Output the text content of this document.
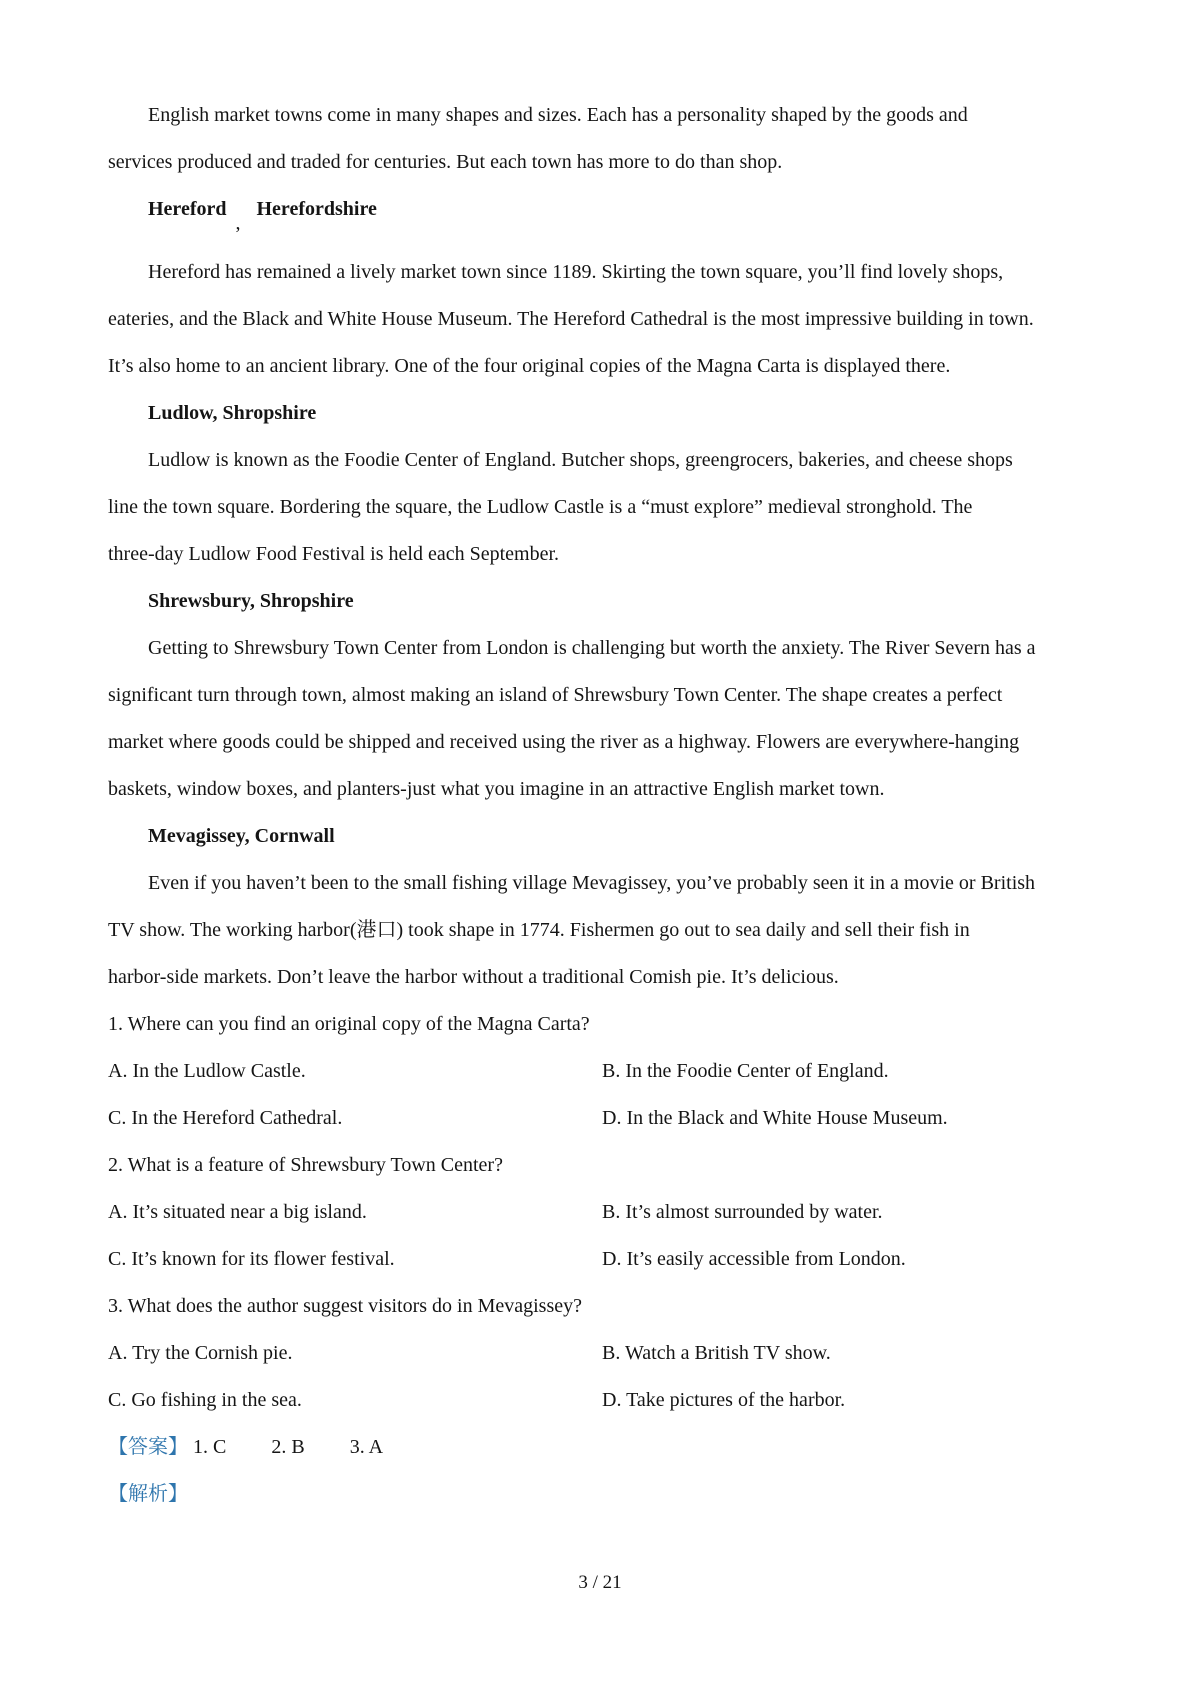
English market towns come in many shapes and sizes. Each has a personality shaped by the goods and
services produced and traded for centuries. But each town has more to do than shop.
Hereford,Herefordshire
Hereford has remained a lively market town since 1189. Skirting the town square, you’ll find lovely shops,
eateries, and the Black and White House Museum. The Hereford Cathedral is the most impressive building in town.
It’s also home to an ancient library. One of the four original copies of the Magna Carta is displayed there.
Ludlow, Shropshire
Ludlow is known as the Foodie Center of England. Butcher shops, greengrocers, bakeries, and cheese shops
line the town square. Bordering the square, the Ludlow Castle is a “must explore” medieval stronghold. The
three-day Ludlow Food Festival is held each September.
Shrewsbury, Shropshire
Getting to Shrewsbury Town Center from London is challenging but worth the anxiety. The River Severn has a
significant turn through town, almost making an island of Shrewsbury Town Center. The shape creates a perfect
market where goods could be shipped and received using the river as a highway. Flowers are everywhere-hanging
baskets, window boxes, and planters-just what you imagine in an attractive English market town.
Mevagissey, Cornwall
Even if you haven’t been to the small fishing village Mevagissey, you’ve probably seen it in a movie or British
TV show. The working harbor(港口) took shape in 1774. Fishermen go out to sea daily and sell their fish in
harbor-side markets. Don’t leave the harbor without a traditional Comish pie. It’s delicious.
1. Where can you find an original copy of the Magna Carta?
A. In the Ludlow Castle.	B. In the Foodie Center of England.
C. In the Hereford Cathedral.	D. In the Black and White House Museum.
2. What is a feature of Shrewsbury Town Center?
A. It’s situated near a big island.	B. It’s almost surrounded by water.
C. It’s known for its flower festival.	D. It’s easily accessible from London.
3. What does the author suggest visitors do in Mevagissey?
A. Try the Cornish pie.	B. Watch a British TV show.
C. Go fishing in the sea.	D. Take pictures of the harbor.
【答案】 1. C 2. B 3. A
【解析】
3 / 21
